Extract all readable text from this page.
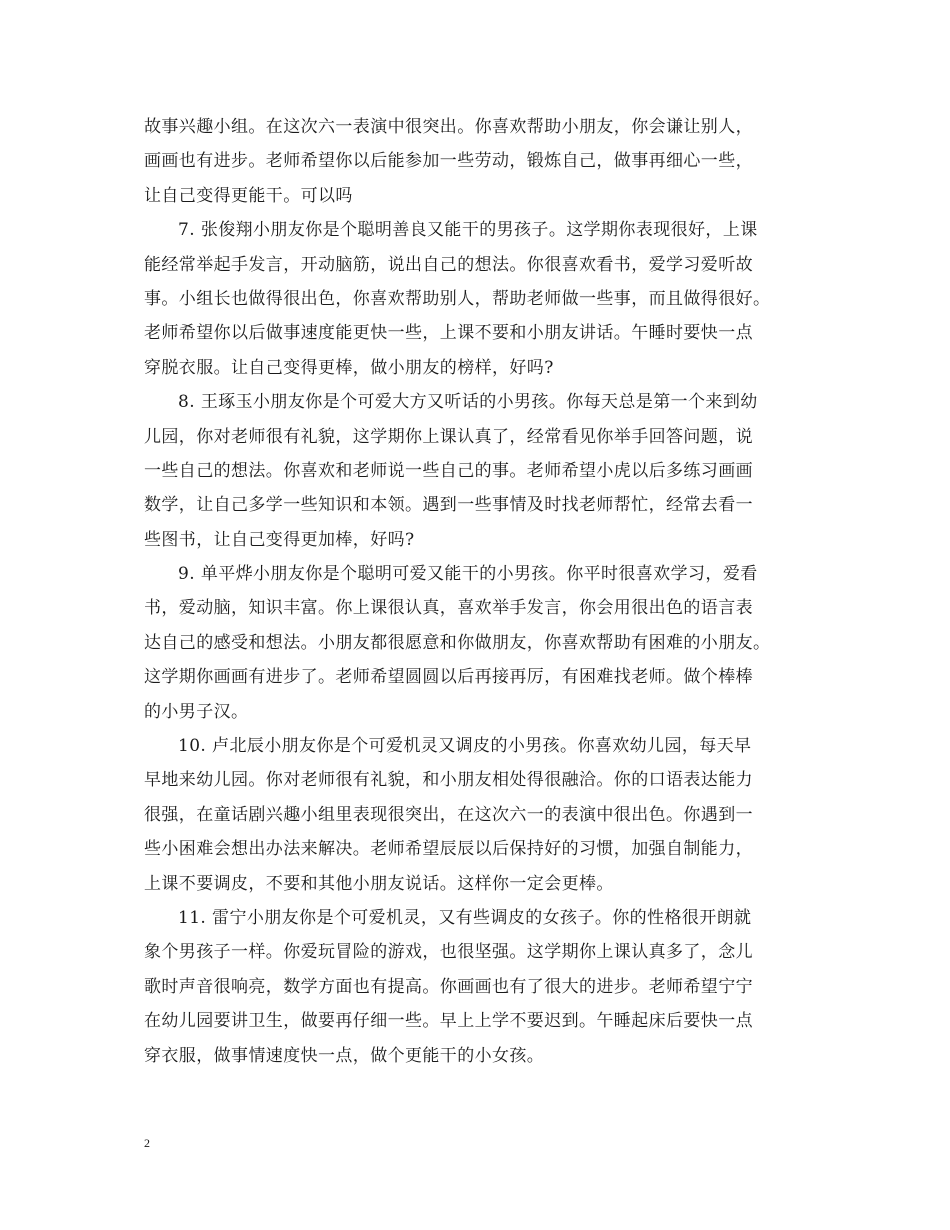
故事兴趣小组。在这次六一表演中很突出。你喜欢帮助小朋友，你会谦让别人，
画画也有进步。老师希望你以后能参加一些劳动，锻炼自己，做事再细心一些，
让自己变得更能干。可以吗
7. 张俊翔小朋友你是个聪明善良又能干的男孩子。这学期你表现很好，上课
能经常举起手发言，开动脑筋，说出自己的想法。你很喜欢看书，爱学习爱听故
事。小组长也做得很出色，你喜欢帮助别人，帮助老师做一些事，而且做得很好。
老师希望你以后做事速度能更快一些，上课不要和小朋友讲话。午睡时要快一点
穿脱衣服。让自己变得更棒，做小朋友的榜样，好吗?
8. 王琢玉小朋友你是个可爱大方又听话的小男孩。你每天总是第一个来到幼
儿园，你对老师很有礼貌，这学期你上课认真了，经常看见你举手回答问题，说
一些自己的想法。你喜欢和老师说一些自己的事。老师希望小虎以后多练习画画
数学，让自己多学一些知识和本领。遇到一些事情及时找老师帮忙，经常去看一
些图书，让自己变得更加棒，好吗?
9. 单平烨小朋友你是个聪明可爱又能干的小男孩。你平时很喜欢学习，爱看
书，爱动脑，知识丰富。你上课很认真，喜欢举手发言，你会用很出色的语言表
达自己的感受和想法。小朋友都很愿意和你做朋友，你喜欢帮助有困难的小朋友。
这学期你画画有进步了。老师希望圆圆以后再接再厉，有困难找老师。做个棒棒
的小男子汉。
10. 卢北辰小朋友你是个可爱机灵又调皮的小男孩。你喜欢幼儿园，每天早
早地来幼儿园。你对老师很有礼貌，和小朋友相处得很融洽。你的口语表达能力
很强，在童话剧兴趣小组里表现很突出，在这次六一的表演中很出色。你遇到一
些小困难会想出办法来解决。老师希望辰辰以后保持好的习惯，加强自制能力，
上课不要调皮，不要和其他小朋友说话。这样你一定会更棒。
11. 雷宁小朋友你是个可爱机灵，又有些调皮的女孩子。你的性格很开朗就
象个男孩子一样。你爱玩冒险的游戏，也很坚强。这学期你上课认真多了，念儿
歌时声音很响亮，数学方面也有提高。你画画也有了很大的进步。老师希望宁宁
在幼儿园要讲卫生，做要再仔细一些。早上上学不要迟到。午睡起床后要快一点
穿衣服，做事情速度快一点，做个更能干的小女孩。
2
